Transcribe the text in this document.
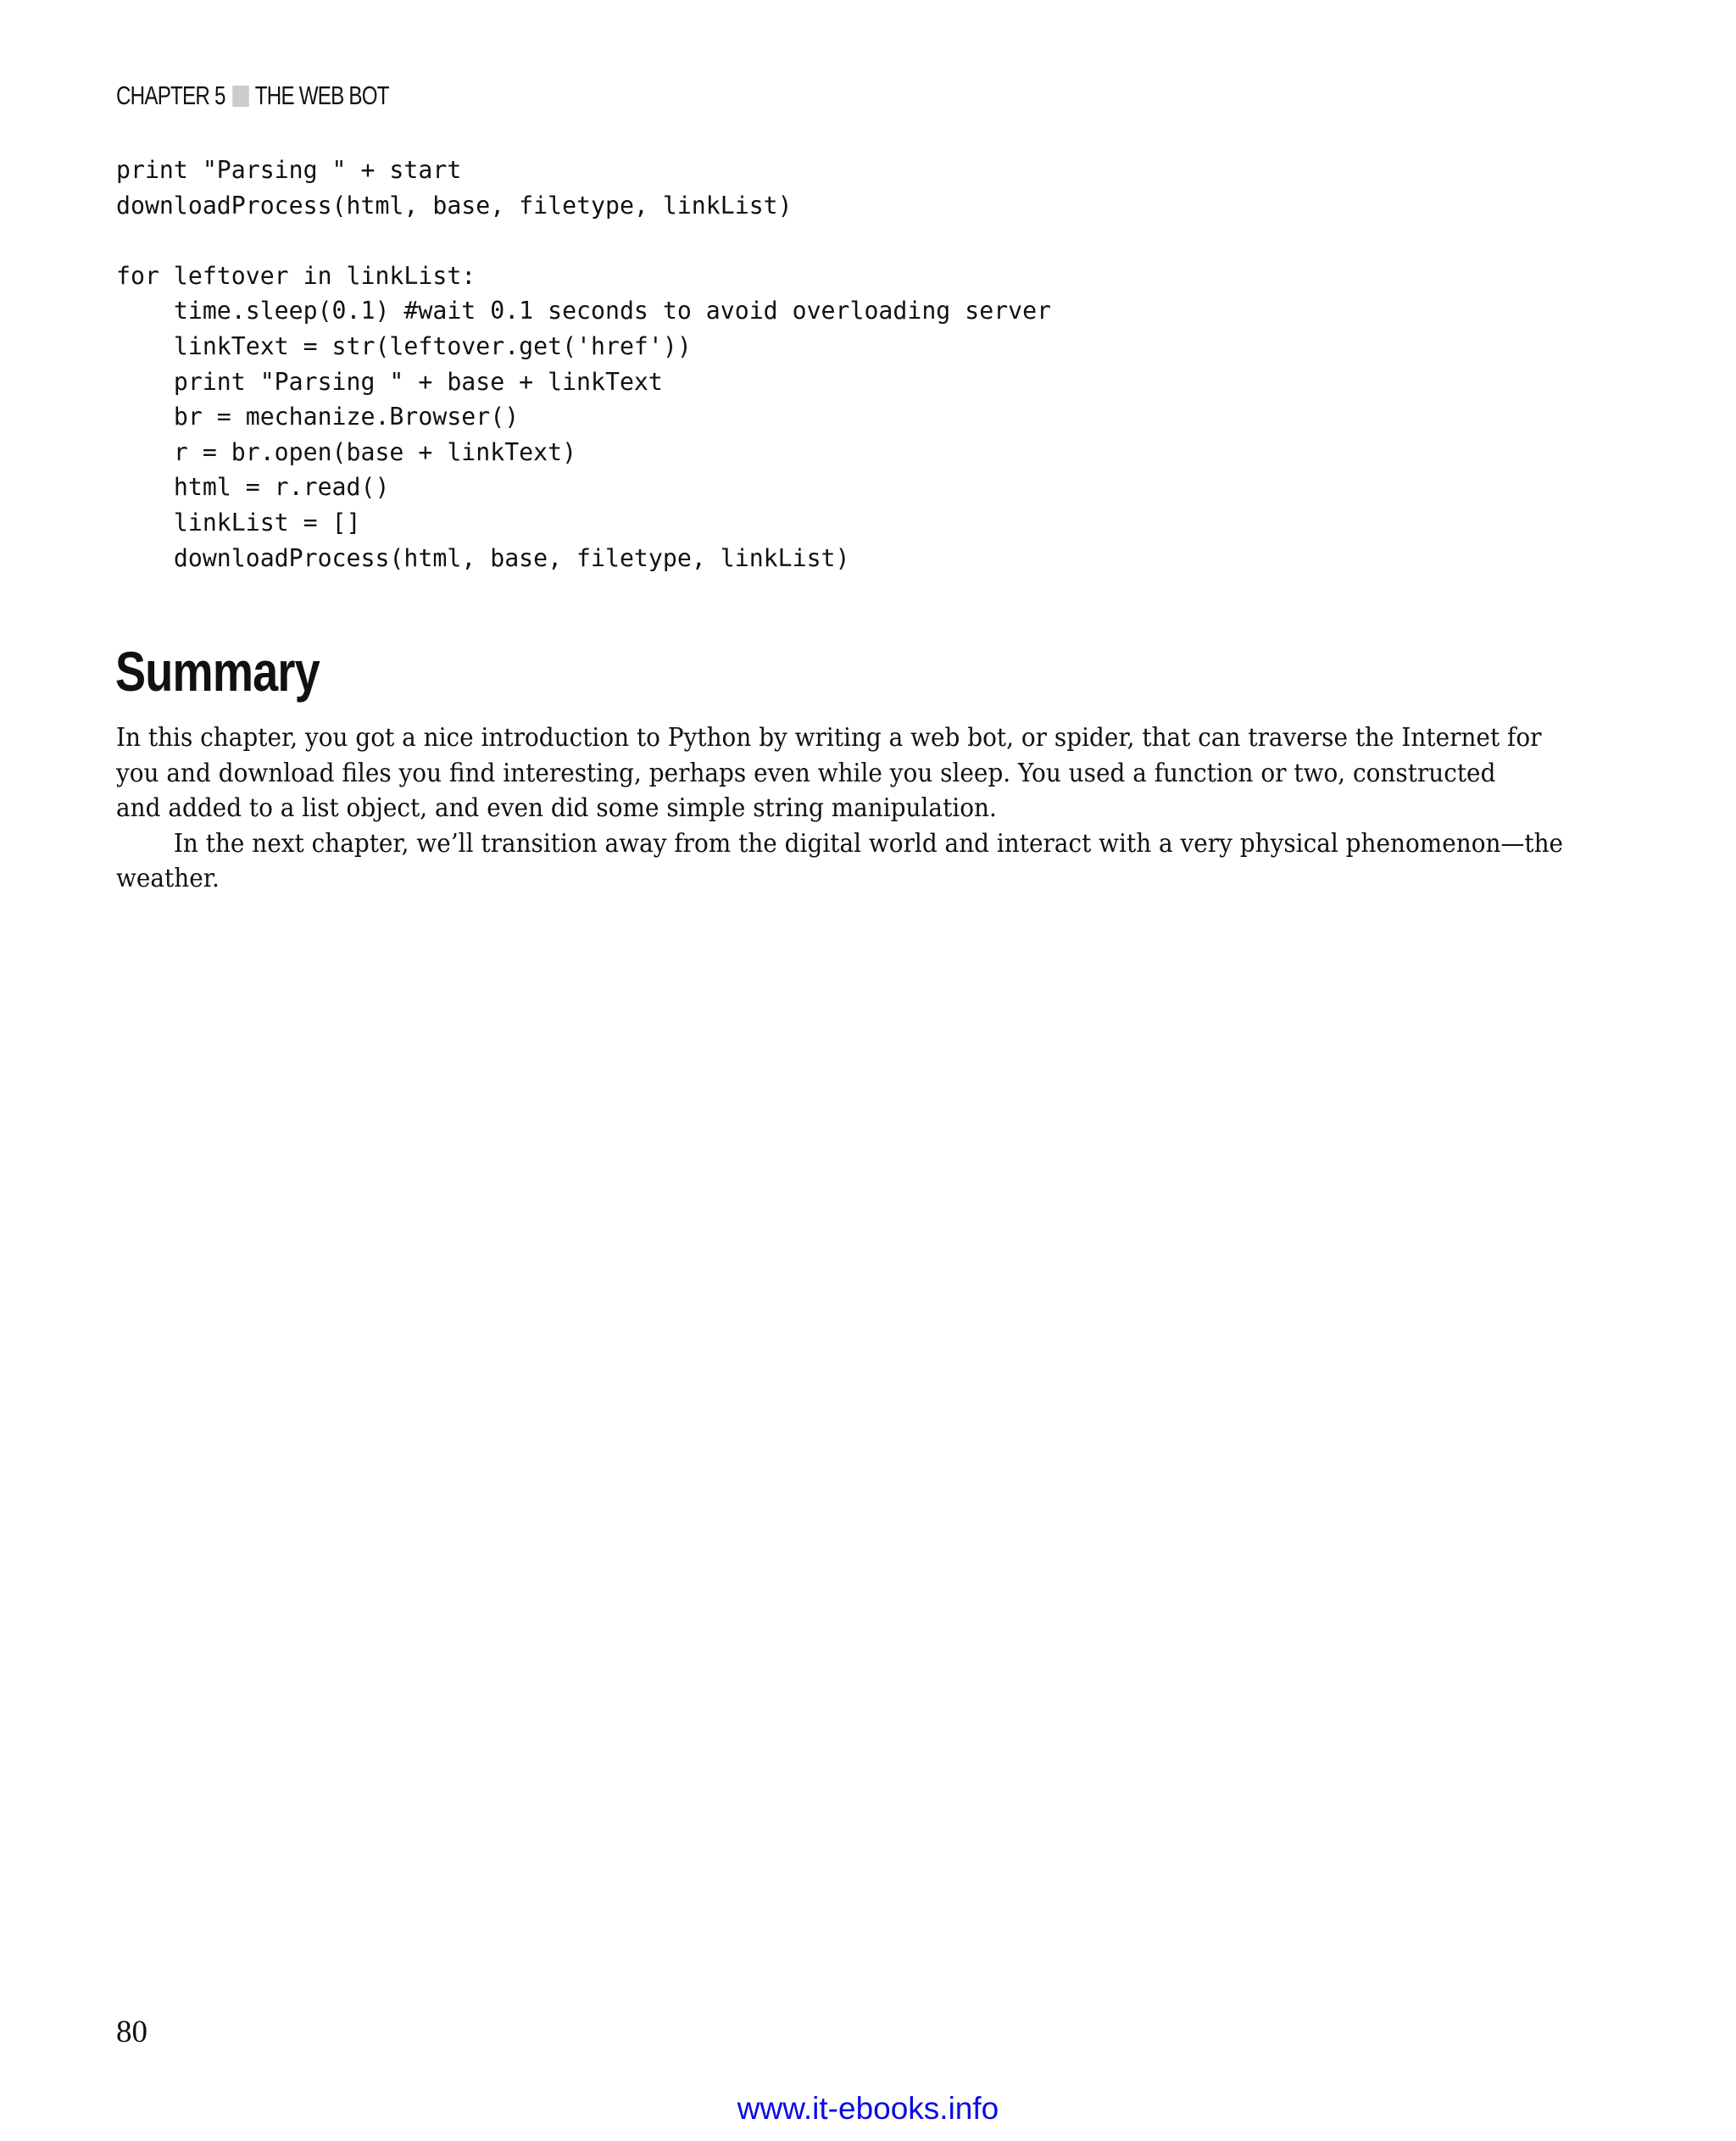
CHAPTER 5 THE WEB BOT
print "Parsing " + start
downloadProcess(html, base, filetype, linkList)
for leftover in linkList:
time.sleep(0.1) #wait 0.1 seconds to avoid overloading server
linkText = str(leftover.get('href'))
print "Parsing " + base + linkText
br = mechanize.Browser()
r = br.open(base + linkText)
html = r.read()
linkList = []
downloadProcess(html, base, filetype, linkList)
Summary

In this chapter, you got a nice introduction to Python by writing a web bot, or spider, that can traverse the Internet for
you and download files you find interesting, perhaps even while you sleep. You used a function or two, constructed
and added to a list object, and even did some simple string manipulation.

In the next chapter, we’ll transition away from the digital world and interact with a very physical phenomenon—the
weather.

80
www.it-ebooks.info
